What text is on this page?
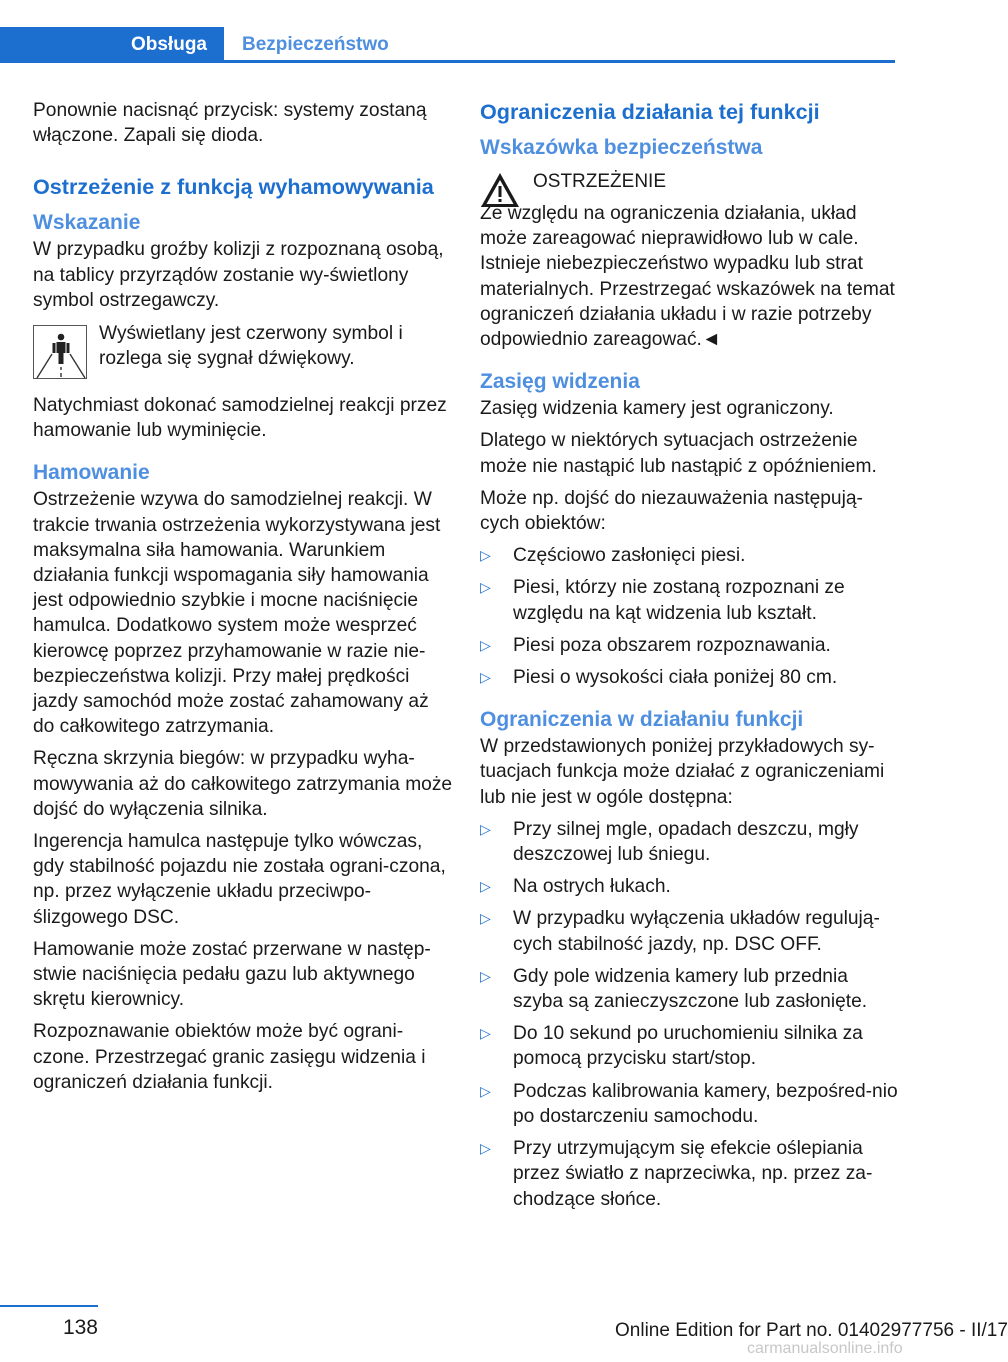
Obsługa	Bezpieczeństwo

Ponownie nacisnąć przycisk: systemy zostaną włączone. Zapali się dioda.

Ostrzeżenie z funkcją wyhamowywania
Wskazanie

W przypadku groźby kolizji z rozpoznaną osobą, na tablicy przyrządów zostanie wy‐świetlony symbol ostrzegawczy.

Wyświetlany jest czerwony symbol i rozlega się sygnał dźwiękowy.

Natychmiast dokonać samodzielnej reakcji przez hamowanie lub wyminięcie.

Hamowanie

Ostrzeżenie wzywa do samodzielnej reakcji. W trakcie trwania ostrzeżenia wykorzystywana jest maksymalna siła hamowania. Warunkiem działania funkcji wspomagania siły hamowania jest odpowiednio szybkie i mocne naciśnięcie hamulca. Dodatkowo system może wesprzeć kierowcę poprzez przyhamowanie w razie nie‐bezpieczeństwa kolizji. Przy małej prędkości jazdy samochód może zostać zahamowany aż do całkowitego zatrzymania.

Ręczna skrzynia biegów: w przypadku wyha‐mowywania aż do całkowitego zatrzymania może dojść do wyłączenia silnika.

Ingerencja hamulca następuje tylko wówczas, gdy stabilność pojazdu nie została ograni‐czona, np. przez wyłączenie układu przeciwpo‐ślizgowego DSC.

Hamowanie może zostać przerwane w następ‐stwie naciśnięcia pedału gazu lub aktywnego skrętu kierownicy.

Rozpoznawanie obiektów może być ograni‐czone. Przestrzegać granic zasięgu widzenia i ograniczeń działania funkcji.

Ograniczenia działania tej funkcji
Wskazówka bezpieczeństwa
OSTRZEŻENIE

Ze względu na ograniczenia działania, układ może zareagować nieprawidłowo lub w cale. Istnieje niebezpieczeństwo wypadku lub strat materialnych. Przestrzegać wskazówek na temat ograniczeń działania układu i w razie potrzeby odpowiednio zareagować.◄

Zasięg widzenia

Zasięg widzenia kamery jest ograniczony.

Dlatego w niektórych sytuacjach ostrzeżenie może nie nastąpić lub nastąpić z opóźnieniem.

Może np. dojść do niezauważenia następują‐cych obiektów:

▷	Częściowo zasłonięci piesi.
▷	Piesi, którzy nie zostaną rozpoznani ze względu na kąt widzenia lub kształt.
▷	Piesi poza obszarem rozpoznawania.
▷	Piesi o wysokości ciała poniżej 80 cm.
Ograniczenia w działaniu funkcji

W przedstawionych poniżej przykładowych sy‐tuacjach funkcja może działać z ograniczeniami lub nie jest w ogóle dostępna:

▷	Przy silnej mgle, opadach deszczu, mgły deszczowej lub śniegu.
▷	Na ostrych łukach.
▷	W przypadku wyłączenia układów regulują‐cych stabilność jazdy, np. DSC OFF.
▷	Gdy pole widzenia kamery lub przednia szyba są zanieczyszczone lub zasłonięte.
▷	Do 10 sekund po uruchomieniu silnika za pomocą przycisku start/stop.
▷	Podczas kalibrowania kamery, bezpośred‐nio po dostarczeniu samochodu.
▷	Przy utrzymującym się efekcie oślepiania przez światło z naprzeciwka, np. przez za‐chodzące słońce.
138	Online Edition for Part no. 01402977756 - II/17
carmanualsonline.info
